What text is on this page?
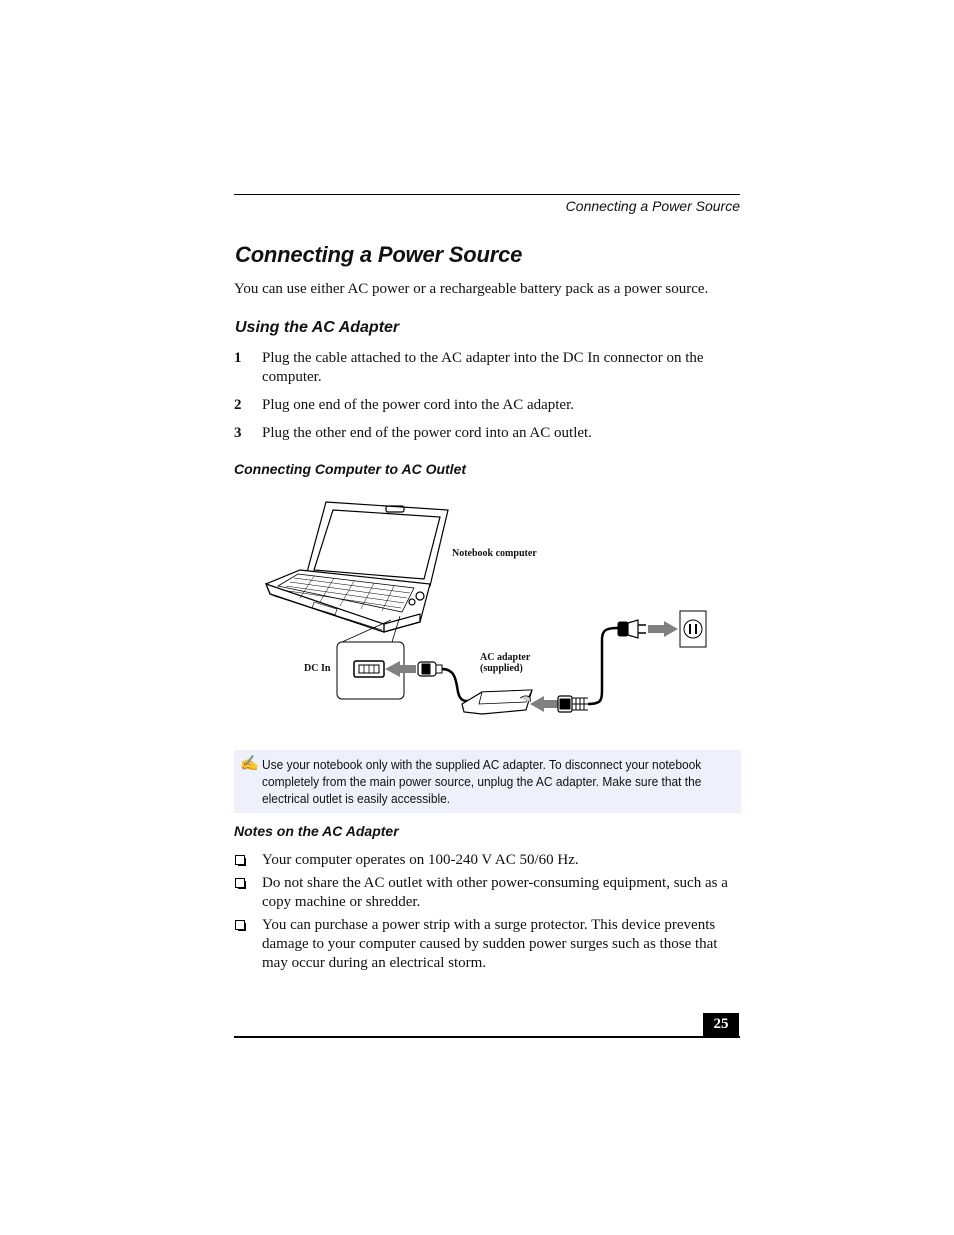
Connecting a Power Source
Connecting a Power Source
You can use either AC power or a rechargeable battery pack as a power source.
Using the AC Adapter
1 Plug the cable attached to the AC adapter into the DC In connector on the computer.
2 Plug one end of the power cord into the AC adapter.
3 Plug the other end of the power cord into an AC outlet.
Connecting Computer to AC Outlet
Notebook computer
AC adapter
(supplied)
DC In
✍ Use your notebook only with the supplied AC adapter. To disconnect your notebook completely from the main power source, unplug the AC adapter. Make sure that the electrical outlet is easily accessible.
Notes on the AC Adapter
Your computer operates on 100-240 V AC 50/60 Hz.
Do not share the AC outlet with other power-consuming equipment, such as a copy machine or shredder.
You can purchase a power strip with a surge protector. This device prevents damage to your computer caused by sudden power surges such as those that may occur during an electrical storm.
25
